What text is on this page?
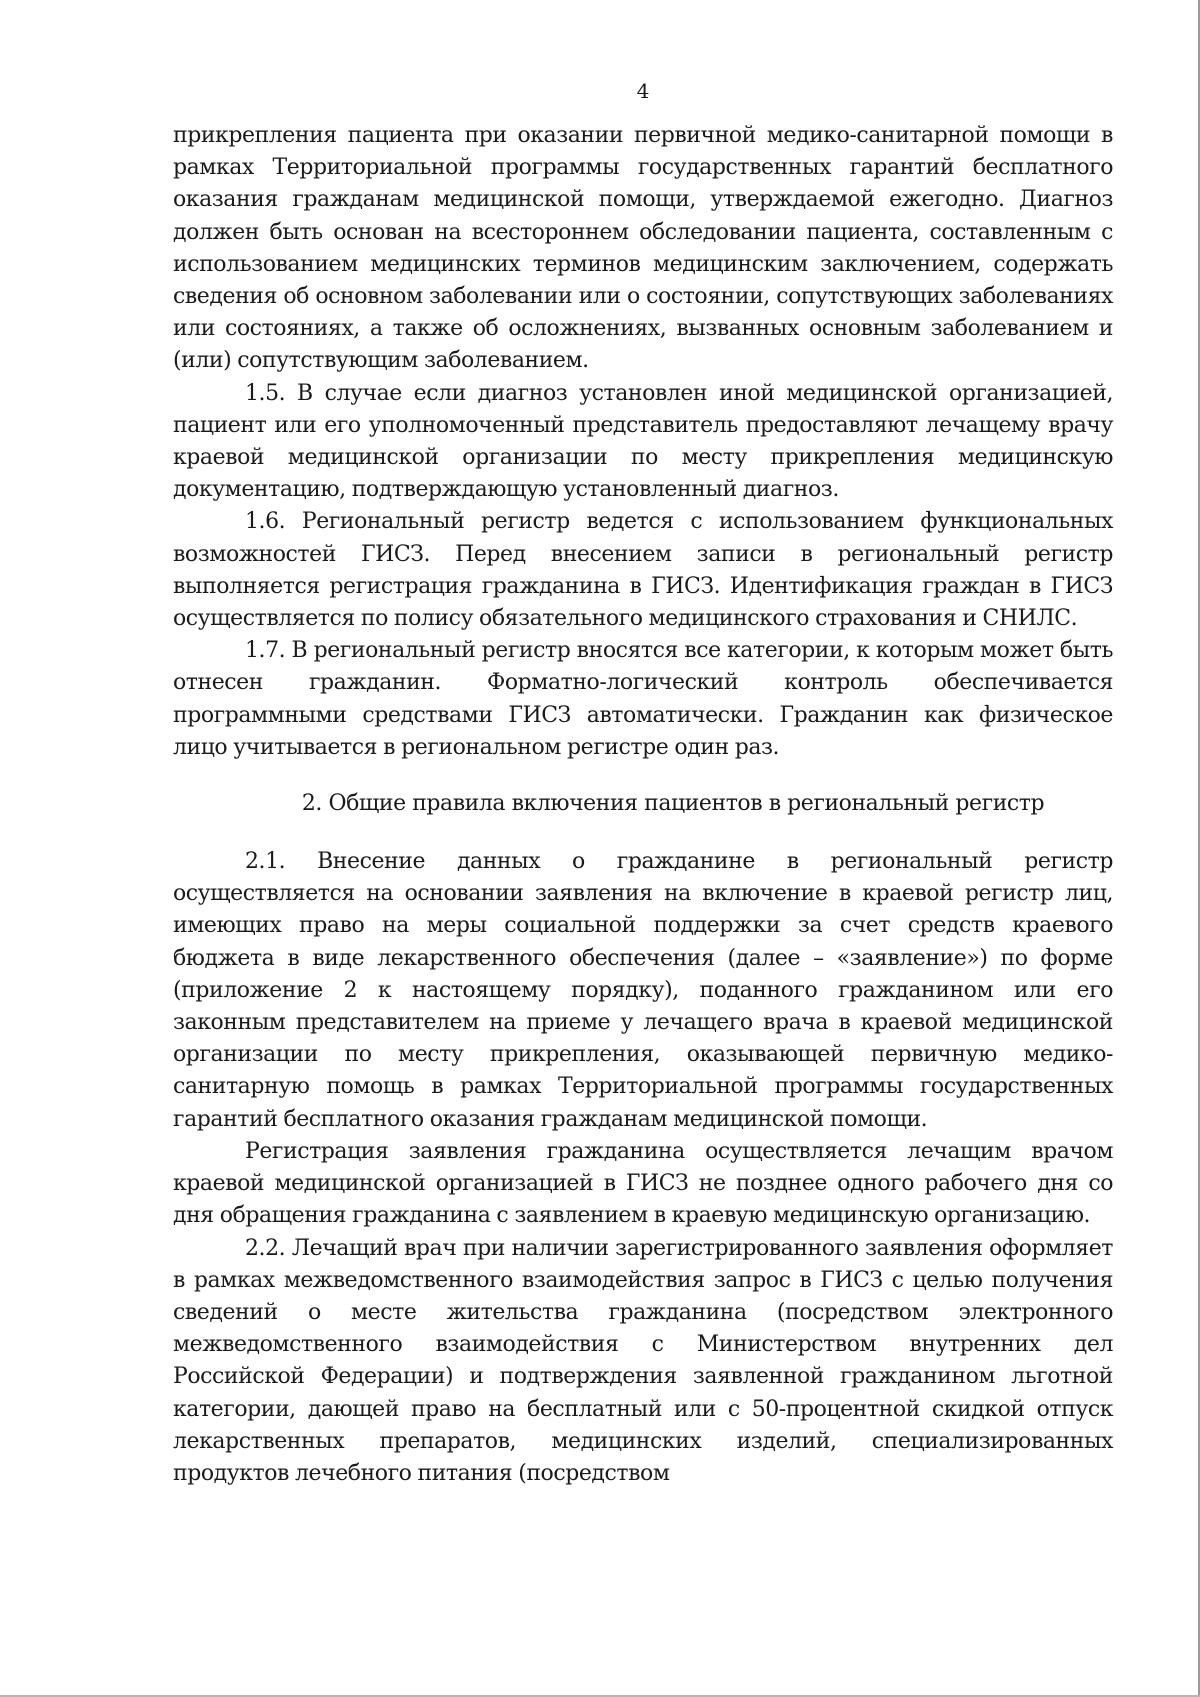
4

прикрепления пациента при оказании первичной медико-санитарной помощи в рамках Территориальной программы государственных гарантий бесплатного оказания гражданам медицинской помощи, утверждаемой ежегодно. Диагноз должен быть основан на всестороннем обследовании пациента, составленным с использованием медицинских терминов медицинским заключением, содержать сведения об основном заболевании или о состоянии, сопутствующих заболеваниях или состояниях, а также об осложнениях, вызванных основным заболеванием и (или) сопутствующим заболеванием.

1.5. В случае если диагноз установлен иной медицинской организацией, пациент или его уполномоченный представитель предоставляют лечащему врачу краевой медицинской организации по месту прикрепления медицинскую документацию, подтверждающую установленный диагноз.

1.6. Региональный регистр ведется с использованием функциональных возможностей ГИСЗ. Перед внесением записи в региональный регистр выполняется регистрация гражданина в ГИСЗ. Идентификация граждан в ГИСЗ осуществляется по полису обязательного медицинского страхования и СНИЛС.

1.7. В региональный регистр вносятся все категории, к которым может быть отнесен гражданин. Форматно-логический контроль обеспечивается программными средствами ГИСЗ автоматически. Гражданин как физическое лицо учитывается в региональном регистре один раз.

2. Общие правила включения пациентов в региональный регистр

2.1. Внесение данных о гражданине в региональный регистр осуществляется на основании заявления на включение в краевой регистр лиц, имеющих право на меры социальной поддержки за счет средств краевого бюджета в виде лекарственного обеспечения (далее – «заявление») по форме (приложение 2 к настоящему порядку), поданного гражданином или его законным представителем на приеме у лечащего врача в краевой медицинской организации по месту прикрепления, оказывающей первичную медико-санитарную помощь в рамках Территориальной программы государственных гарантий бесплатного оказания гражданам медицинской помощи.

Регистрация заявления гражданина осуществляется лечащим врачом краевой медицинской организацией в ГИСЗ не позднее одного рабочего дня со дня обращения гражданина с заявлением в краевую медицинскую организацию.

2.2. Лечащий врач при наличии зарегистрированного заявления оформляет в рамках межведомственного взаимодействия запрос в ГИСЗ с целью получения сведений о месте жительства гражданина (посредством электронного межведомственного взаимодействия с Министерством внутренних дел Российской Федерации) и подтверждения заявленной гражданином льготной категории, дающей право на бесплатный или с 50-процентной скидкой отпуск лекарственных препаратов, медицинских изделий, специализированных продуктов лечебного питания (посредством
